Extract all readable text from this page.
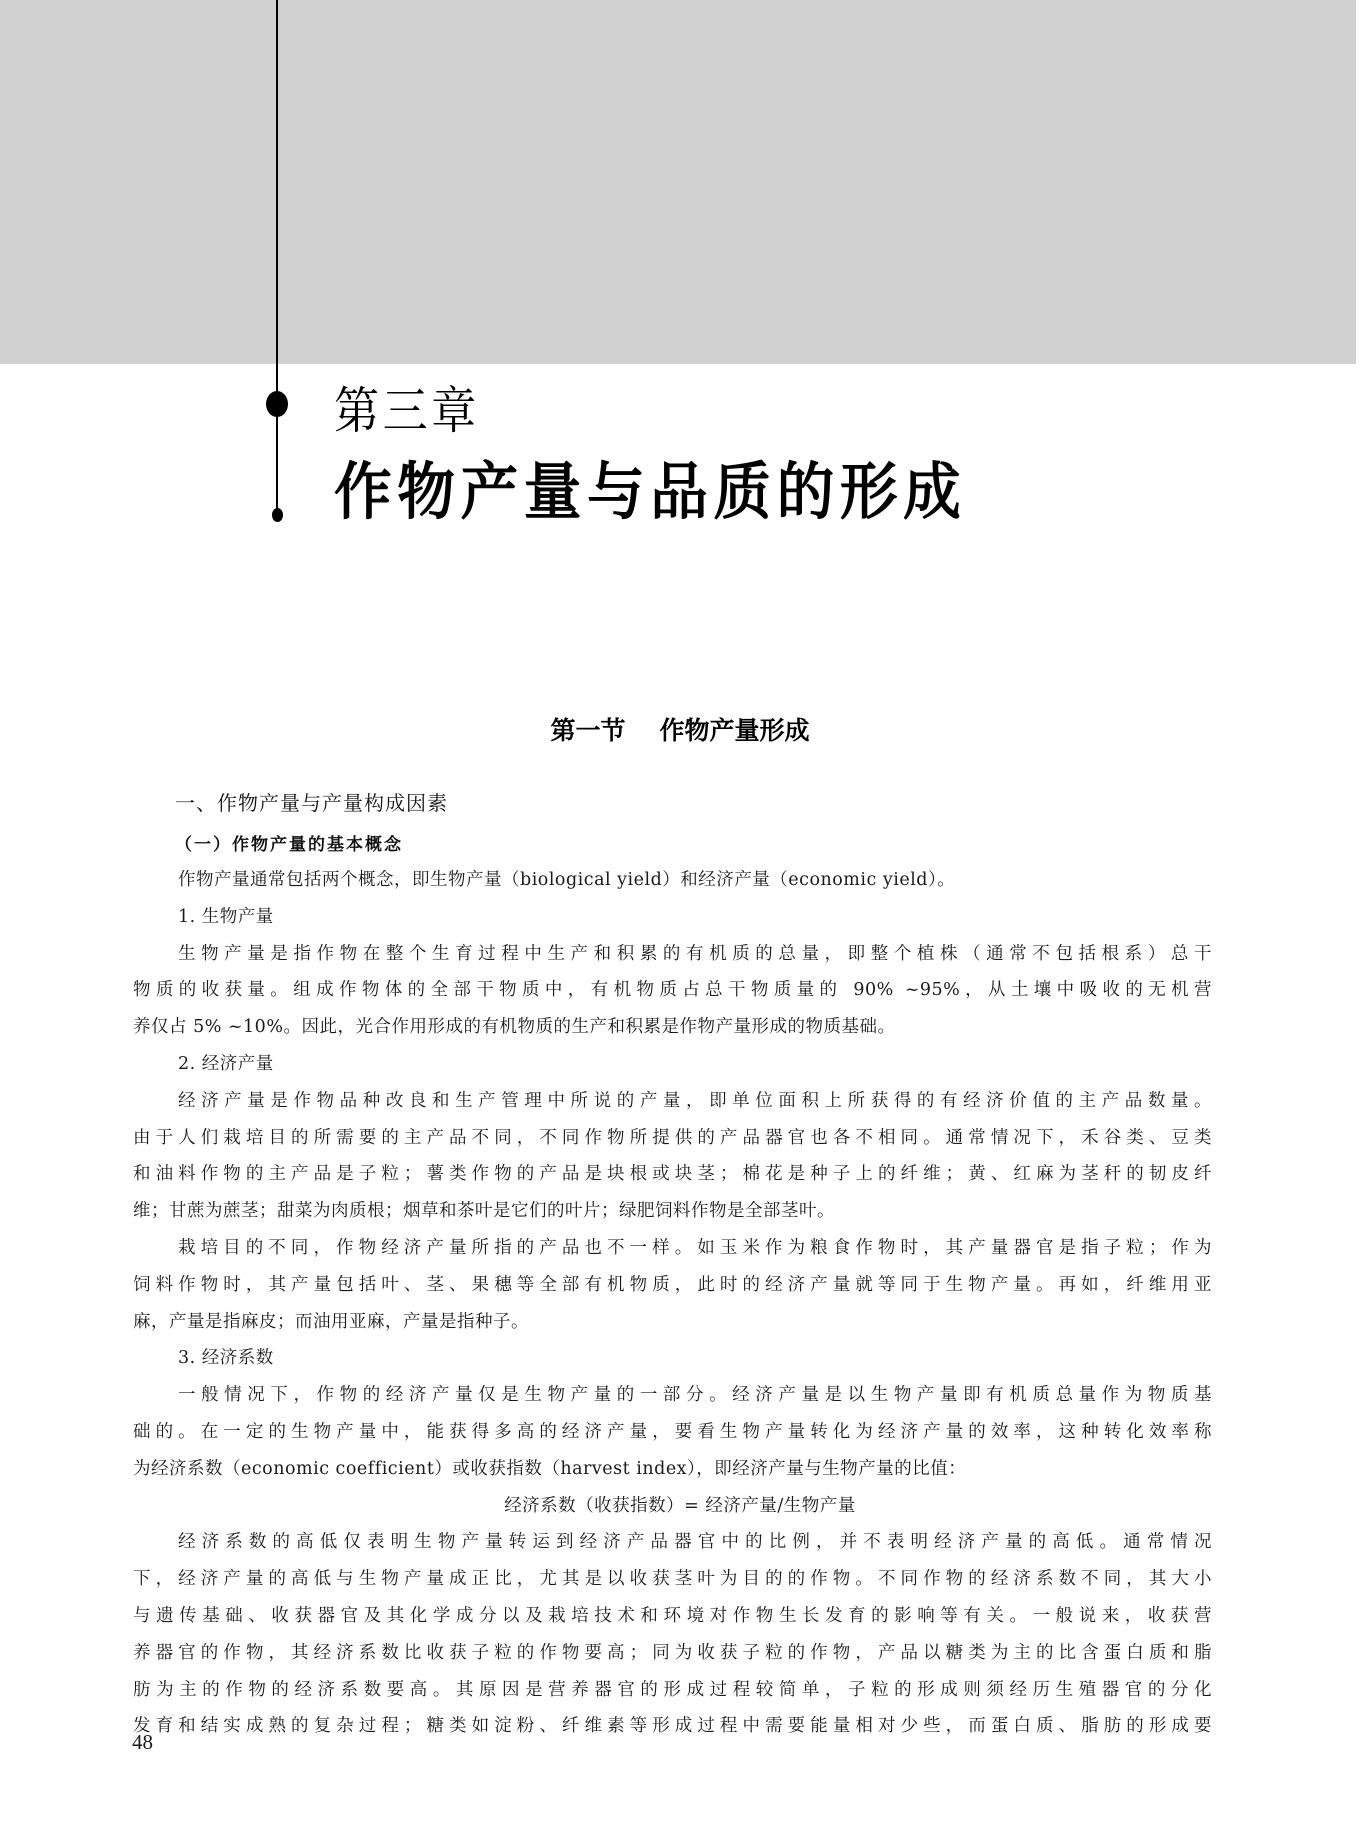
第三章
作物产量与品质的形成
第一节 作物产量形成
一、作物产量与产量构成因素
（一）作物产量的基本概念
作物产量通常包括两个概念，即生物产量（biological yield）和经济产量（economic yield）。
1. 生物产量
生物产量是指作物在整个生育过程中生产和积累的有机质的总量，即整个植株（通常不包括根系）总干
物质的收获量。组成作物体的全部干物质中，有机物质占总干物质量的 90% ~95%，从土壤中吸收的无机营
养仅占 5% ~10%。因此，光合作用形成的有机物质的生产和积累是作物产量形成的物质基础。
2. 经济产量
经济产量是作物品种改良和生产管理中所说的产量，即单位面积上所获得的有经济价值的主产品数量。
由于人们栽培目的所需要的主产品不同，不同作物所提供的产品器官也各不相同。通常情况下，禾谷类、豆类
和油料作物的主产品是子粒；薯类作物的产品是块根或块茎；棉花是种子上的纤维；黄、红麻为茎秆的韧皮纤
维；甘蔗为蔗茎；甜菜为肉质根；烟草和茶叶是它们的叶片；绿肥饲料作物是全部茎叶。
栽培目的不同，作物经济产量所指的产品也不一样。如玉米作为粮食作物时，其产量器官是指子粒；作为
饲料作物时，其产量包括叶、茎、果穗等全部有机物质，此时的经济产量就等同于生物产量。再如，纤维用亚
麻，产量是指麻皮；而油用亚麻，产量是指种子。
3. 经济系数
一般情况下，作物的经济产量仅是生物产量的一部分。经济产量是以生物产量即有机质总量作为物质基
础的。在一定的生物产量中，能获得多高的经济产量，要看生物产量转化为经济产量的效率，这种转化效率称
为经济系数（economic coefficient）或收获指数（harvest index），即经济产量与生物产量的比值：
经济系数（收获指数）= 经济产量/生物产量
经济系数的高低仅表明生物产量转运到经济产品器官中的比例，并不表明经济产量的高低。通常情况
下，经济产量的高低与生物产量成正比，尤其是以收获茎叶为目的的作物。不同作物的经济系数不同，其大小
与遗传基础、收获器官及其化学成分以及栽培技术和环境对作物生长发育的影响等有关。一般说来，收获营
养器官的作物，其经济系数比收获子粒的作物要高；同为收获子粒的作物，产品以糖类为主的比含蛋白质和脂
肪为主的作物的经济系数要高。其原因是营养器官的形成过程较简单，子粒的形成则须经历生殖器官的分化
发育和结实成熟的复杂过程；糖类如淀粉、纤维素等形成过程中需要能量相对少些，而蛋白质、脂肪的形成要
48
